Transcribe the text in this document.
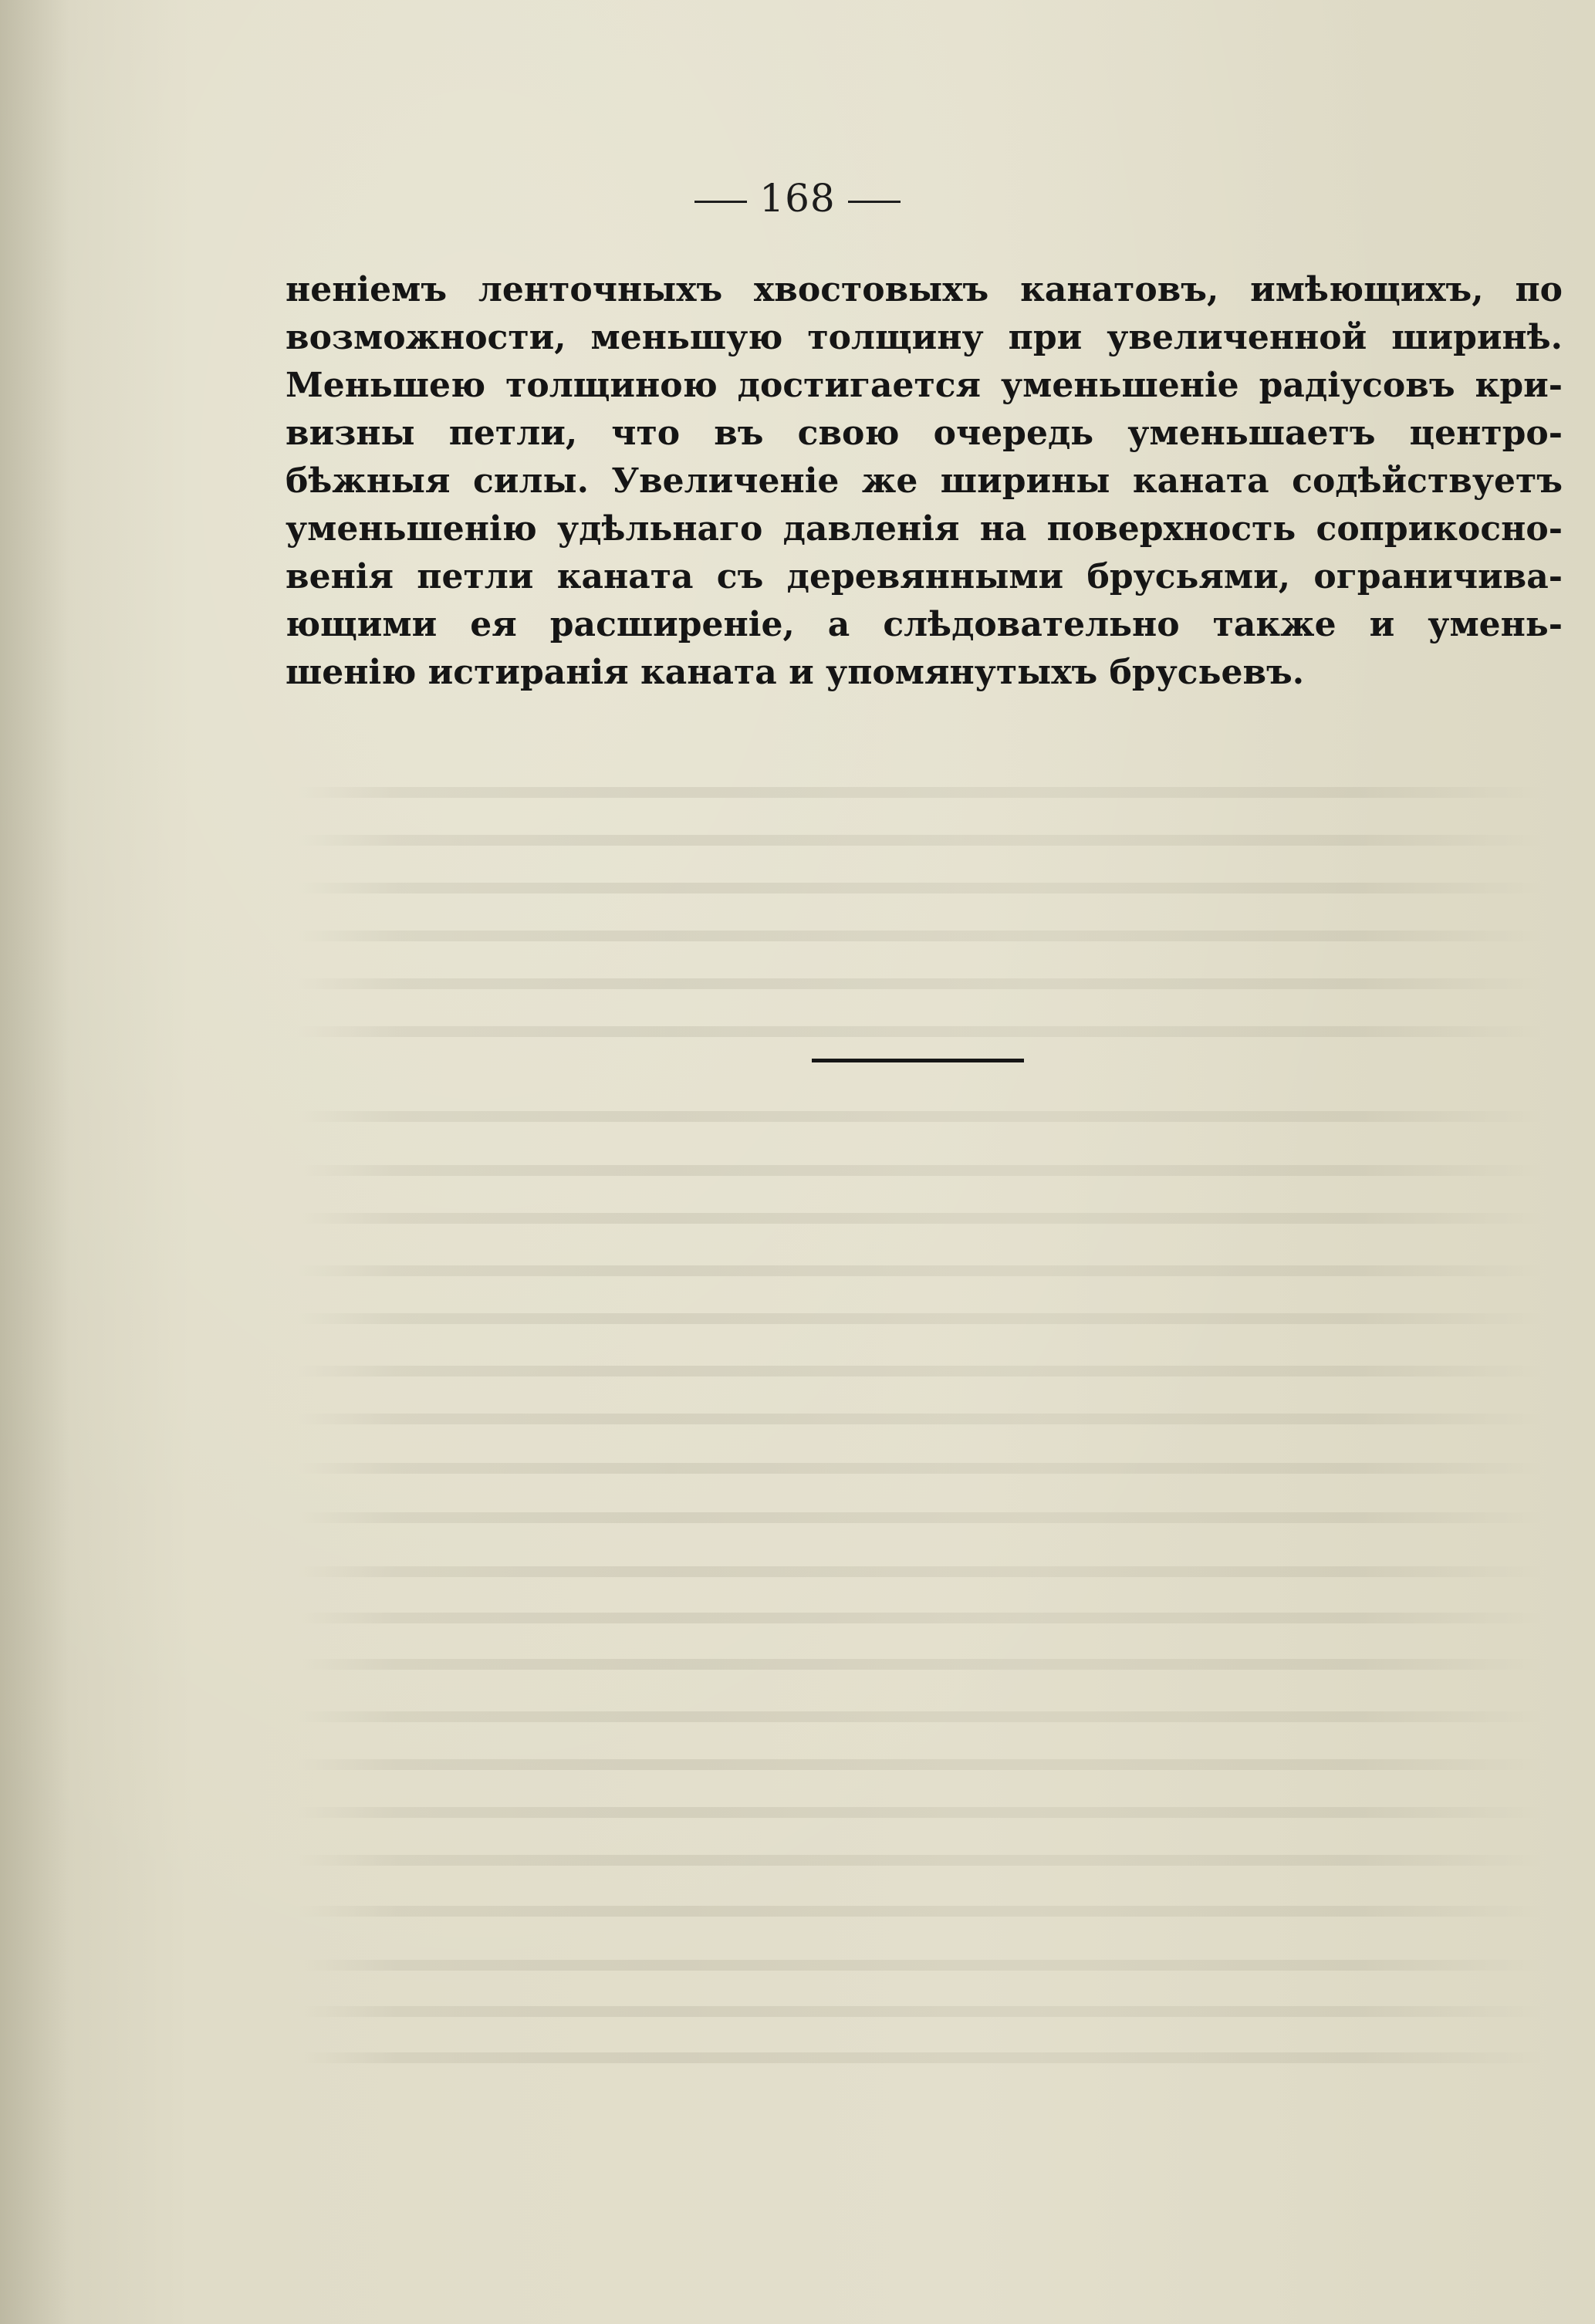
168
неніемъ ленточныхъ хвостовыхъ канатовъ, имѣющихъ, по
возможности, меньшую толщину при увеличенной ширинѣ.
Меньшею толщиною достигается уменьшеніе радіусовъ кри-
визны петли, что въ свою очередь уменьшаетъ центро-
бѣжныя силы. Увеличеніе же ширины каната содѣйствуетъ
уменьшенію удѣльнаго давленія на поверхность соприкоснo-
венія петли каната съ деревянными брусьями, ограничива-
ющими ея расширеніе, а слѣдовательно также и умень-
шенію истиранія каната и упомянутыхъ брусьевъ.
